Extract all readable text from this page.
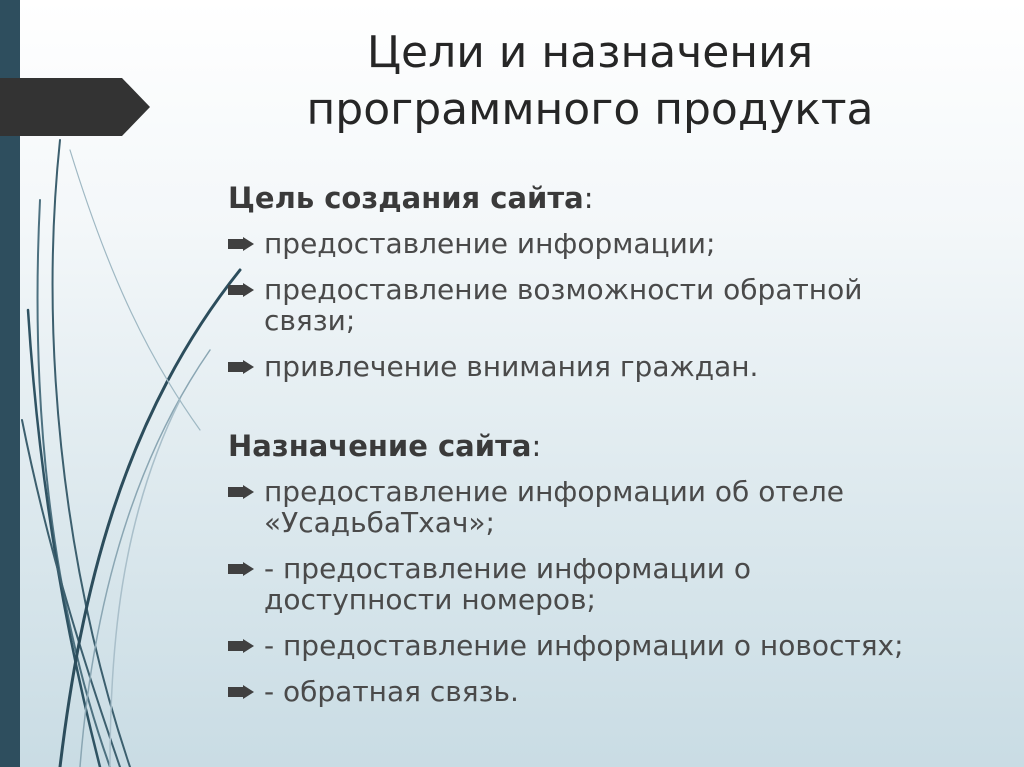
Цели и назначения
программного продукта
Цель создания сайта:
предоставление информации;
предоставление возможности обратной связи;
привлечение внимания граждан.
Назначение сайта:
предоставление информации об отеле «УсадьбаТхач»;
- предоставление информации о доступности номеров;
- предоставление информации о новостях;
- обратная связь.
